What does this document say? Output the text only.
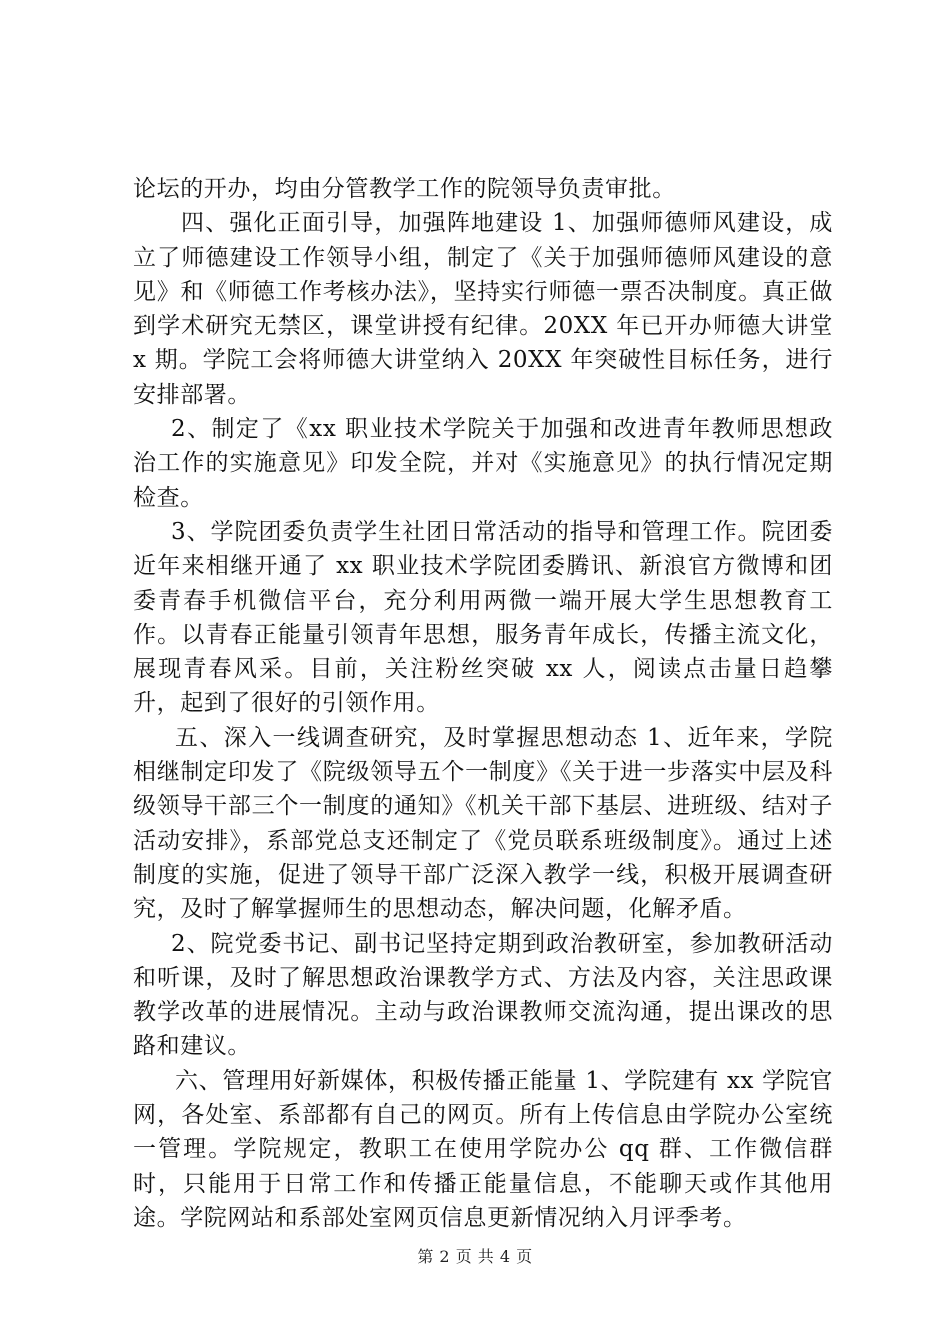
论坛的开办，均由分管教学工作的院领导负责审批。

四、强化正面引导，加强阵地建设 1、加强师德师风建设，成立了师德建设工作领导小组，制定了《关于加强师德师风建设的意见》和《师德工作考核办法》，坚持实行师德一票否决制度。真正做到学术研究无禁区，课堂讲授有纪律。20XX 年已开办师德大讲堂 x 期。学院工会将师德大讲堂纳入 20XX 年突破性目标任务，进行安排部署。

2、制定了《xx 职业技术学院关于加强和改进青年教师思想政治工作的实施意见》印发全院，并对《实施意见》的执行情况定期检查。

3、学院团委负责学生社团日常活动的指导和管理工作。院团委近年来相继开通了 xx 职业技术学院团委腾讯、新浪官方微博和团委青春手机微信平台，充分利用两微一端开展大学生思想教育工作。以青春正能量引领青年思想，服务青年成长，传播主流文化，展现青春风采。目前，关注粉丝突破 xx 人，阅读点击量日趋攀升，起到了很好的引领作用。

五、深入一线调查研究，及时掌握思想动态 1、近年来，学院相继制定印发了《院级领导五个一制度》《关于进一步落实中层及科级领导干部三个一制度的通知》《机关干部下基层、进班级、结对子活动安排》，系部党总支还制定了《党员联系班级制度》。通过上述制度的实施，促进了领导干部广泛深入教学一线，积极开展调查研究，及时了解掌握师生的思想动态，解决问题，化解矛盾。

2、院党委书记、副书记坚持定期到政治教研室，参加教研活动和听课，及时了解思想政治课教学方式、方法及内容，关注思政课教学改革的进展情况。主动与政治课教师交流沟通，提出课改的思路和建议。

六、管理用好新媒体，积极传播正能量 1、学院建有 xx 学院官网，各处室、系部都有自己的网页。所有上传信息由学院办公室统一管理。学院规定，教职工在使用学院办公 qq 群、工作微信群时，只能用于日常工作和传播正能量信息，不能聊天或作其他用途。学院网站和系部处室网页信息更新情况纳入月评季考。

第 2 页 共 4 页
